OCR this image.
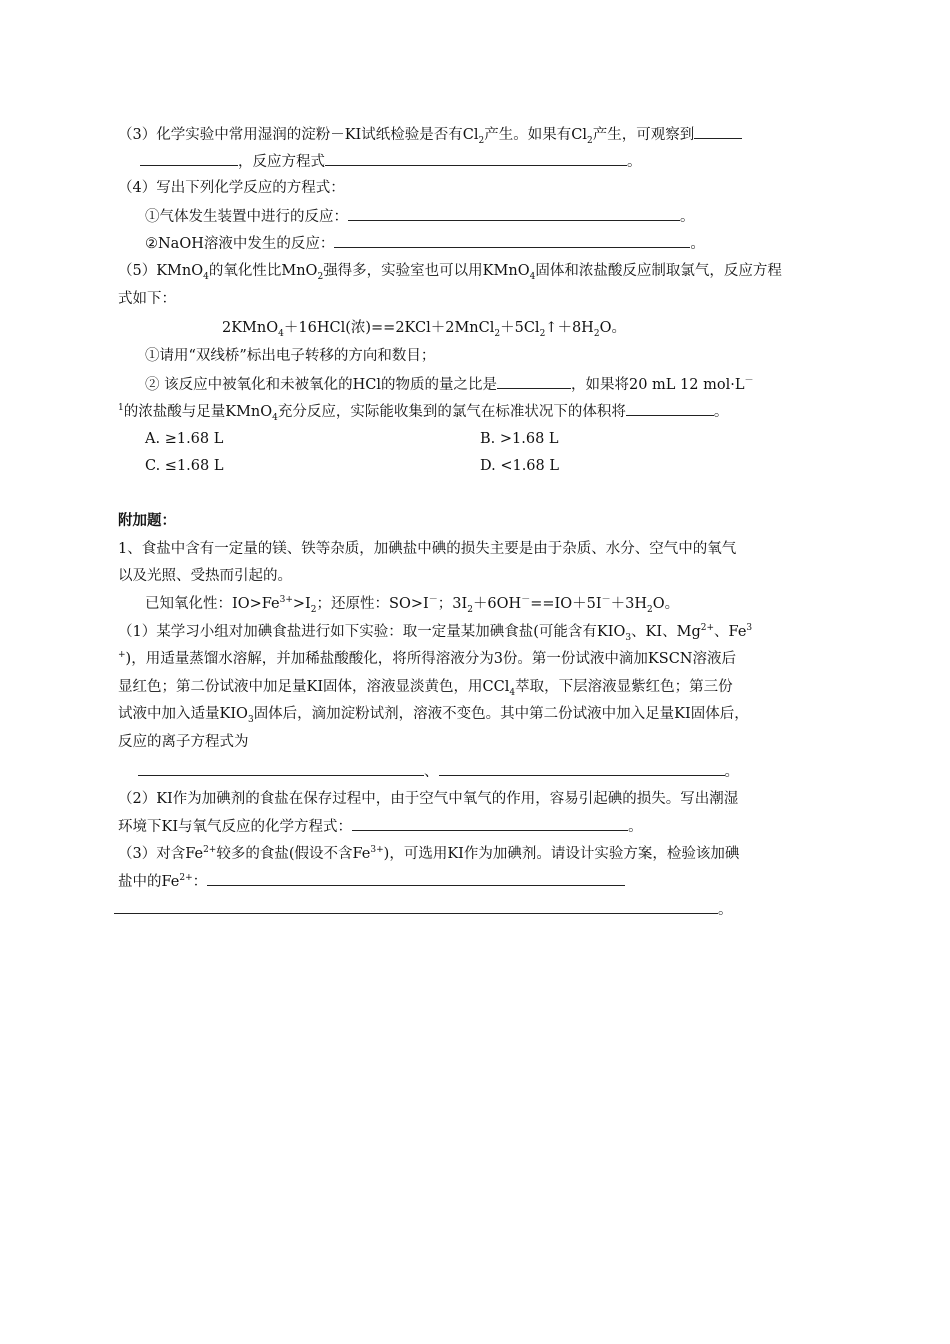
（3）化学实验中常用湿润的淀粉－KI试纸检验是否有$Cl_2$产生。如果有$Cl_2$产生，可观察到
，反应方程式	。
（4）写出下列化学反应的方程式：
①气体发生装置中进行的反应：	。
②NaOH溶液中发生的反应：	。
（5）KMnO$_4$的氧化性比MnO$_2$强得多，实验室也可以用KMnO$_4$固体和浓盐酸反应制取氯气，反应方程
式如下：
2KMnO$_4$＋16HCl(浓)$==2KCl+2MnCl_2+5Cl_2↑+8H_2O$。
①请用“双线桥”标出电子转移的方向和数目；
② 该反应中被氧化和未被氧化的HCl的物质的量之比是	，如果将20 mL 12 mol·L－
$^1$的浓盐酸与足量KMnO$_4$充分反应，实际能收集到的氯气在标准状况下的体积将	。
A. ≥1.68 L	B. >1.68 L
C. ≤1.68 L	D. <1.68 L
附加题：
1、食盐中含有一定量的镁、铁等杂质，加碘盐中碘的损失主要是由于杂质、水分、空气中的氧气
以及光照、受热而引起的。
已知氧化性：$IO>Fe^{3+}>I_2$；还原性：SO>I－；$3I_2+6OH^-==IO+5I^-+3H_2O$。
（1）某学习小组对加碘食盐进行如下实验：取一定量某加碘食盐(可能含有$KIO_3$、KI、$Mg^{2+}$、Fe$^3$
+)，用适量蒸馏水溶解，并加稀盐酸酸化，将所得溶液分为3份。第一份试液中滴加KSCN溶液后
显红色；第二份试液中加足量KI固体，溶液显淡黄色，用CCl$_4$萃取，下层溶液显紫红色；第三份
试液中加入适量$KIO_3$固体后，滴加淀粉试剂，溶液不变色。其中第二份试液中加入足量KI固体后，
反应的离子方程式为
、	。
（2）KI作为加碘剂的食盐在保存过程中，由于空气中氧气的作用，容易引起碘的损失。写出潮湿
环境下KI与氧气反应的化学方程式：	。
（3）对含$Fe^{2+}$较多的食盐(假设不含$Fe^{3+}$)，可选用KI作为加碘剂。请设计实验方案，检验该加碘
盐中的$Fe^{2+}$：
。
